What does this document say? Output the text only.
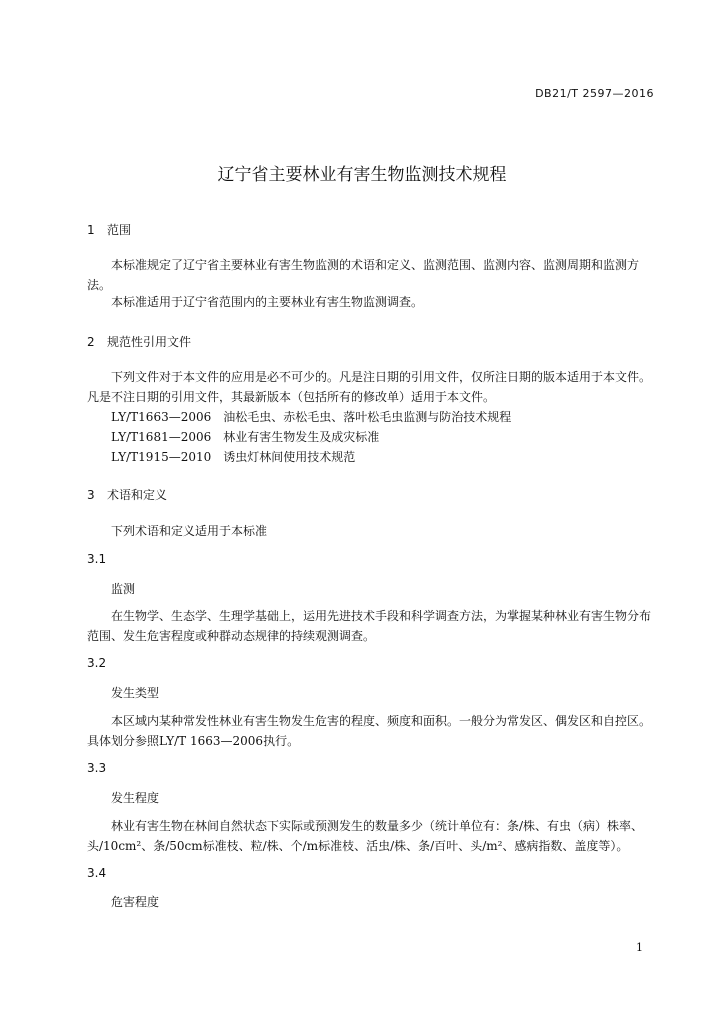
DB21/T 2597—2016
辽宁省主要林业有害生物监测技术规程
1 范围
本标准规定了辽宁省主要林业有害生物监测的术语和定义、监测范围、监测内容、监测周期和监测方法。
本标准适用于辽宁省范围内的主要林业有害生物监测调查。
2 规范性引用文件
下列文件对于本文件的应用是必不可少的。凡是注日期的引用文件，仅所注日期的版本适用于本文件。凡是不注日期的引用文件，其最新版本（包括所有的修改单）适用于本文件。
LY/T1663—2006　油松毛虫、赤松毛虫、落叶松毛虫监测与防治技术规程
LY/T1681—2006　林业有害生物发生及成灾标准
LY/T1915—2010　诱虫灯林间使用技术规范
3 术语和定义
下列术语和定义适用于本标准
3.1
监测
在生物学、生态学、生理学基础上，运用先进技术手段和科学调查方法，为掌握某种林业有害生物分布范围、发生危害程度或种群动态规律的持续观测调查。
3.2
发生类型
本区域内某种常发性林业有害生物发生危害的程度、频度和面积。一般分为常发区、偶发区和自控区。具体划分参照LY/T 1663—2006执行。
3.3
发生程度
林业有害生物在林间自然状态下实际或预测发生的数量多少（统计单位有：条/株、有虫（病）株率、头/10cm²、条/50cm标准枝、粒/株、个/m标准枝、活虫/株、条/百叶、头/m²、感病指数、盖度等）。
3.4
危害程度
1
